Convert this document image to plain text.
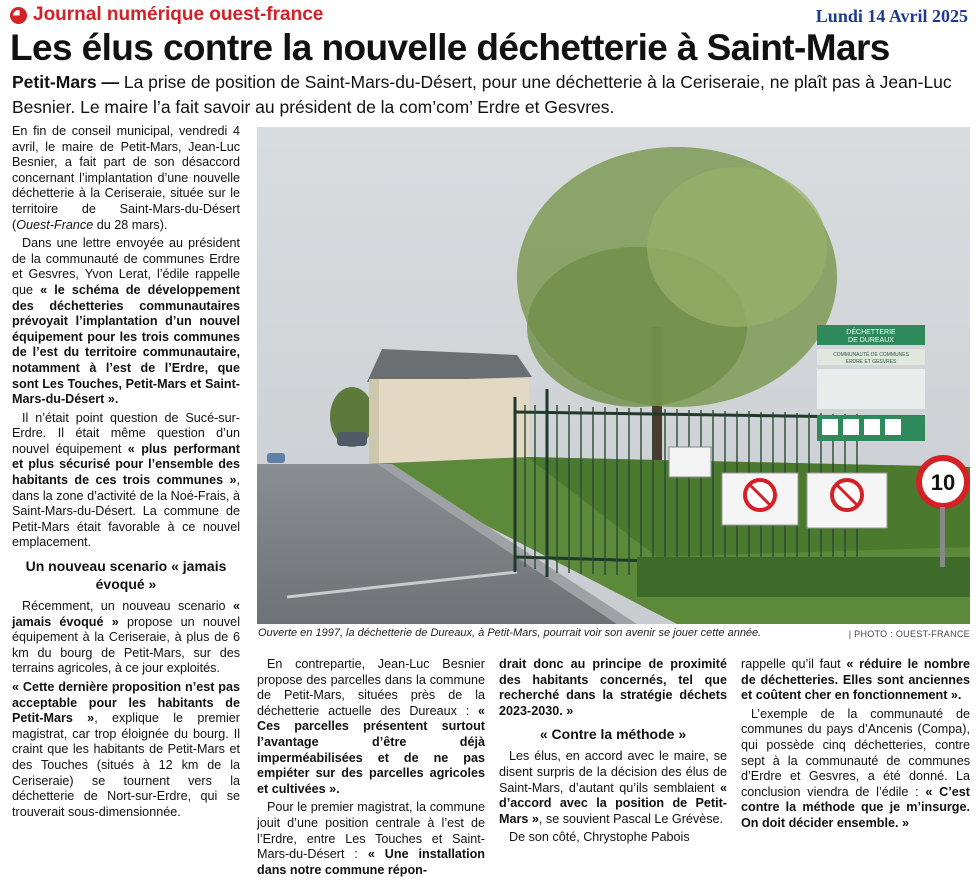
Journal numérique ouest-france	Lundi 14 Avril 2025
Les élus contre la nouvelle déchetterie à Saint-Mars
Petit-Mars — La prise de position de Saint-Mars-du-Désert, pour une déchetterie à la Ceriseraie, ne plaît pas à Jean-Luc Besnier. Le maire l’a fait savoir au président de la com’com’ Erdre et Gesvres.

En fin de conseil municipal, vendredi 4 avril, le maire de Petit-Mars, Jean-Luc Besnier, a fait part de son désaccord concernant l’implantation d’une nouvelle déchetterie à la Ceriseraie, située sur le territoire de Saint-Mars-du-Désert (Ouest-France du 28 mars).

Dans une lettre envoyée au président de la communauté de communes Erdre et Gesvres, Yvon Lerat, l’édile rappelle que « le schéma de développement des déchetteries communautaires prévoyait l’implantation d’un nouvel équipement pour les trois communes de l’est du territoire communautaire, notamment à l’est de l’Erdre, que sont Les Touches, Petit-Mars et Saint-Mars-du-Désert ».

Il n’était point question de Sucé-sur-Erdre. Il était même question d’un nouvel équipement « plus performant et plus sécurisé pour l’ensemble des habitants de ces trois communes », dans la zone d’activité de la Noé-Frais, à Saint-Mars-du-Désert. La commune de Petit-Mars était favorable à ce nouvel emplacement.

Un nouveau scenario « jamais évoqué »

Récemment, un nouveau scenario « jamais évoqué » propose un nouvel équipement à la Ceriseraie, à plus de 6 km du bourg de Petit-Mars, sur des terrains agricoles, à ce jour exploités.

« Cette dernière proposition n’est pas acceptable pour les habitants de Petit-Mars », explique le premier magistrat, car trop éloignée du bourg. Il craint que les habitants de Petit-Mars et des Touches (situés à 12 km de la Ceriseraie) se tournent vers la déchetterie de Nort-sur-Erdre, qui se trouverait sous-dimensionnée.

DÉCHETTERIE
DE DUREAUX
COMMUNAUTÉ DE COMMUNES
ERDRE ET GESVRES
10
Ouverte en 1997, la déchetterie de Dureaux, à Petit-Mars, pourrait voir son avenir se jouer cette année.	| PHOTO : OUEST-FRANCE

En contrepartie, Jean-Luc Besnier propose des parcelles dans la commune de Petit-Mars, situées près de la déchetterie actuelle des Dureaux : « Ces parcelles présentent surtout l’avantage d’être déjà imperméabilisées et de ne pas empiéter sur des parcelles agricoles et cultivées ».

Pour le premier magistrat, la commune jouit d’une position centrale à l’est de l’Erdre, entre Les Touches et Saint-Mars-du-Désert : « Une installation dans notre commune répon-

drait donc au principe de proximité des habitants concernés, tel que recherché dans la stratégie déchets 2023-2030. »

« Contre la méthode »

Les élus, en accord avec le maire, se disent surpris de la décision des élus de Saint-Mars, d’autant qu’ils semblaient « d’accord avec la position de Petit-Mars », se souvient Pascal Le Grévèse.

De son côté, Chrystophe Pabois

rappelle qu’il faut « réduire le nombre de déchetteries. Elles sont anciennes et coûtent cher en fonctionnement ».

L’exemple de la communauté de communes du pays d’Ancenis (Compa), qui possède cinq déchetteries, contre sept à la communauté de communes d’Erdre et Gesvres, a été donné. La conclusion viendra de l’édile : « C’est contre la méthode que je m’insurge. On doit décider ensemble. »
